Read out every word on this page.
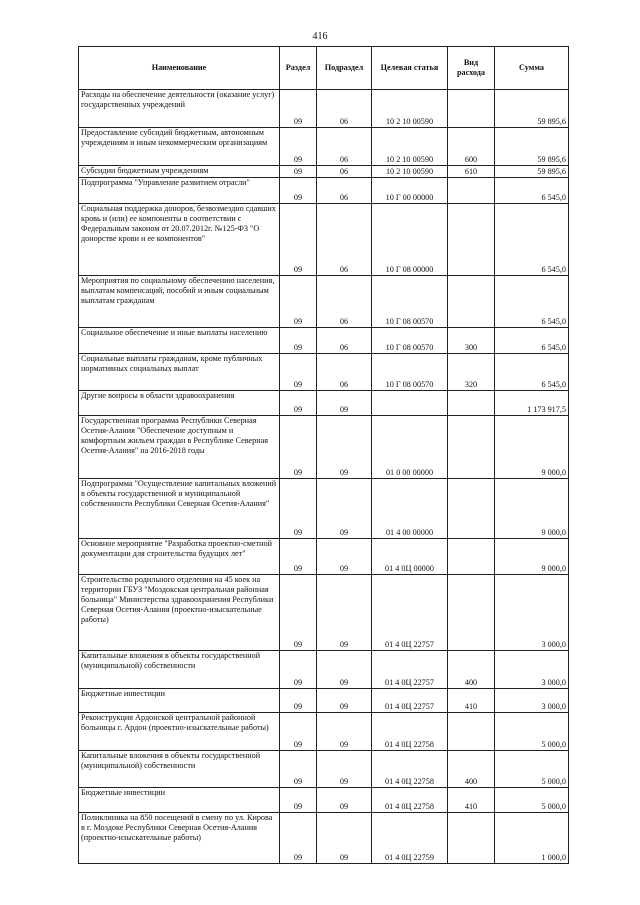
416
Наименование	Раздел	Подраздел	Целевая статья	Вид расхода	Сумма
Расходы на обеспечение деятельности (оказание услуг) государственных учреждений	09	06	10 2 10 00590		59 895,6
Предоставление субсидий бюджетным, автономным учреждениям и иным некоммерческим организациям	09	06	10 2 10 00590	600	59 895,6
Субсидии бюджетным учреждениям	09	06	10 2 10 00590	610	59 895,6
Подпрограмма "Управление развитием отрасли"	09	06	10 Г 00 00000		6 545,0
Социальная поддержка доноров, безвозмездно сдавших кровь и (или) ее компоненты в соответствии с Федеральным законом от 20.07.2012г. №125-ФЗ "О донорстве крови и ее компонентов"	09	06	10 Г 08 00000		6 545,0
Мероприятия по социальному обеспечению населения, выплатам компенсаций, пособий и иным социальным выплатам гражданам	09	06	10 Г 08 00570		6 545,0
Социальное обеспечение и иные выплаты населению	09	06	10 Г 08 00570	300	6 545,0
Социальные выплаты гражданам, кроме публичных нормативных социальных выплат	09	06	10 Г 08 00570	320	6 545,0
Другие вопросы в области здравоохранения	09	09			1 173 917,5
Государственная программа Республики Северная Осетия-Алания "Обеспечение доступным и комфортным жильем граждан в Республике Северная Осетия-Алания" на 2016-2018 годы	09	09	01 0 00 00000		9 000,0
Подпрограмма "Осуществление капитальных вложений в объекты государственной и муниципальной собственности Республики Северная Осетия-Алания"	09	09	01 4 00 00000		9 000,0
Основное мероприятие "Разработка проектно-сметной документации для строительства будущих лет"	09	09	01 4 0Ц 00000		9 000,0
Строительство родильного отделения на 45 коек на территории ГБУЗ "Моздокская центральная районная больница" Министерства здравоохранения Республики Северная Осетия-Алания (проектно-изыскательные работы)	09	09	01 4 0Ц 22757		3 000,0
Капитальные вложения в объекты государственной (муниципальной) собственности	09	09	01 4 0Ц 22757	400	3 000,0
Бюджетные инвестиции	09	09	01 4 0Ц 22757	410	3 000,0
Реконструкция Ардонской центральной районной больницы г. Ардон (проектно-изыскательные работы)	09	09	01 4 0Ц 22758		5 000,0
Капитальные вложения в объекты государственной (муниципальной) собственности	09	09	01 4 0Ц 22758	400	5 000,0
Бюджетные инвестиции	09	09	01 4 0Ц 22758	410	5 000,0
Поликлиника на 850 посещений в смену по ул. Кирова в г. Моздоке Республики Северная Осетия-Алания (проектно-изыскательные работы)	09	09	01 4 0Ц 22759		1 000,0
